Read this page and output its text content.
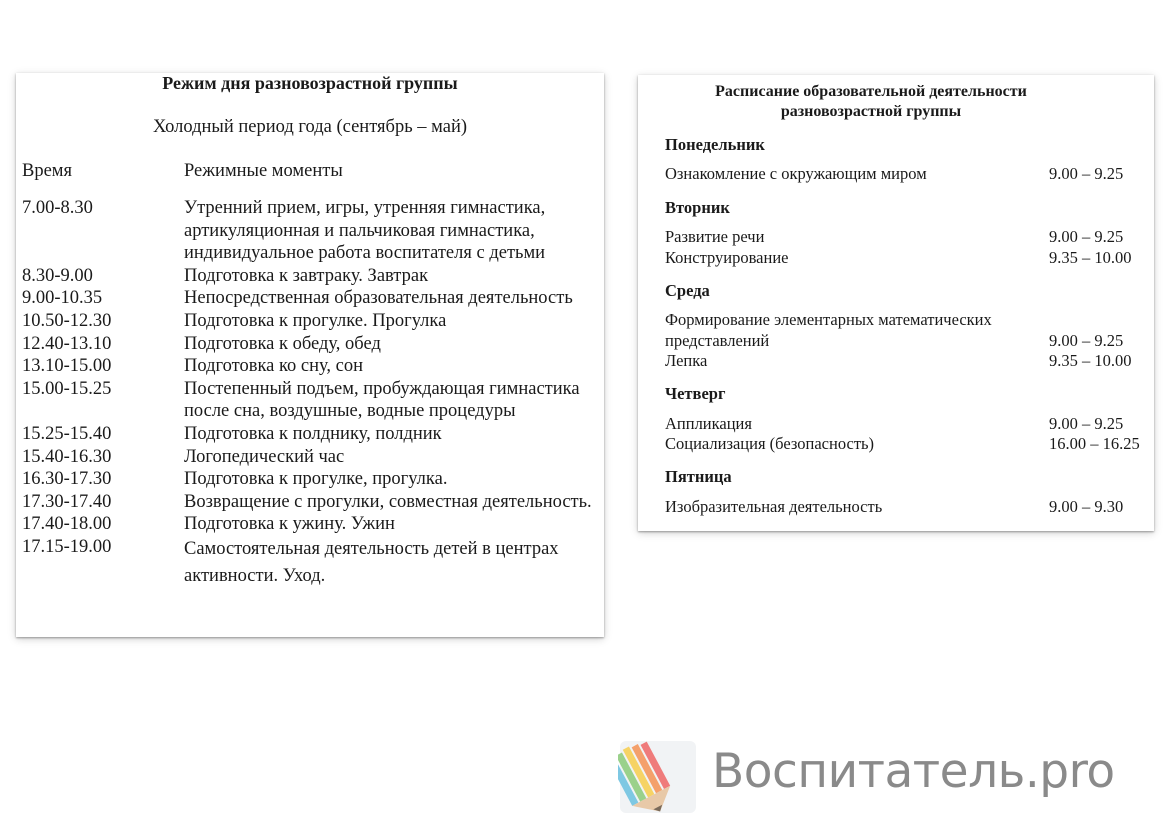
Режим дня разновозрастной группы
Холодный период года (сентябрь – май)
Время	Режимные моменты
7.00-8.30	Утренний прием, игры, утренняя гимнастика, артикуляционная и пальчиковая гимнастика, индивидуальное работа воспитателя с детьми
8.30-9.00	Подготовка к завтраку. Завтрак
9.00-10.35	Непосредственная образовательная деятельность
10.50-12.30	Подготовка к прогулке. Прогулка
12.40-13.10	Подготовка к обеду, обед
13.10-15.00	Подготовка ко сну, сон
15.00-15.25	Постепенный подъем, пробуждающая гимнастика после сна, воздушные, водные процедуры
15.25-15.40	Подготовка к полднику, полдник
15.40-16.30	Логопедический час
16.30-17.30	Подготовка к прогулке, прогулка.
17.30-17.40	Возвращение с прогулки, совместная деятельность.
17.40-18.00	Подготовка к ужину. Ужин
17.15-19.00	Самостоятельная деятельность детей в центрах активности. Уход.
Расписание образовательной деятельности
разновозрастной группы
Понедельник
Ознакомление с окружающим миром	9.00 – 9.25
Вторник
Развитие речи	9.00 – 9.25
Конструирование	9.35 – 10.00
Среда
Формирование элементарных математических представлений	9.00 – 9.25
Лепка	9.35 – 10.00
Четверг
Аппликация	9.00 – 9.25
Социализация (безопасность)	16.00 – 16.25
Пятница
Изобразительная деятельность	9.00 – 9.30
Воспитатель.pro
